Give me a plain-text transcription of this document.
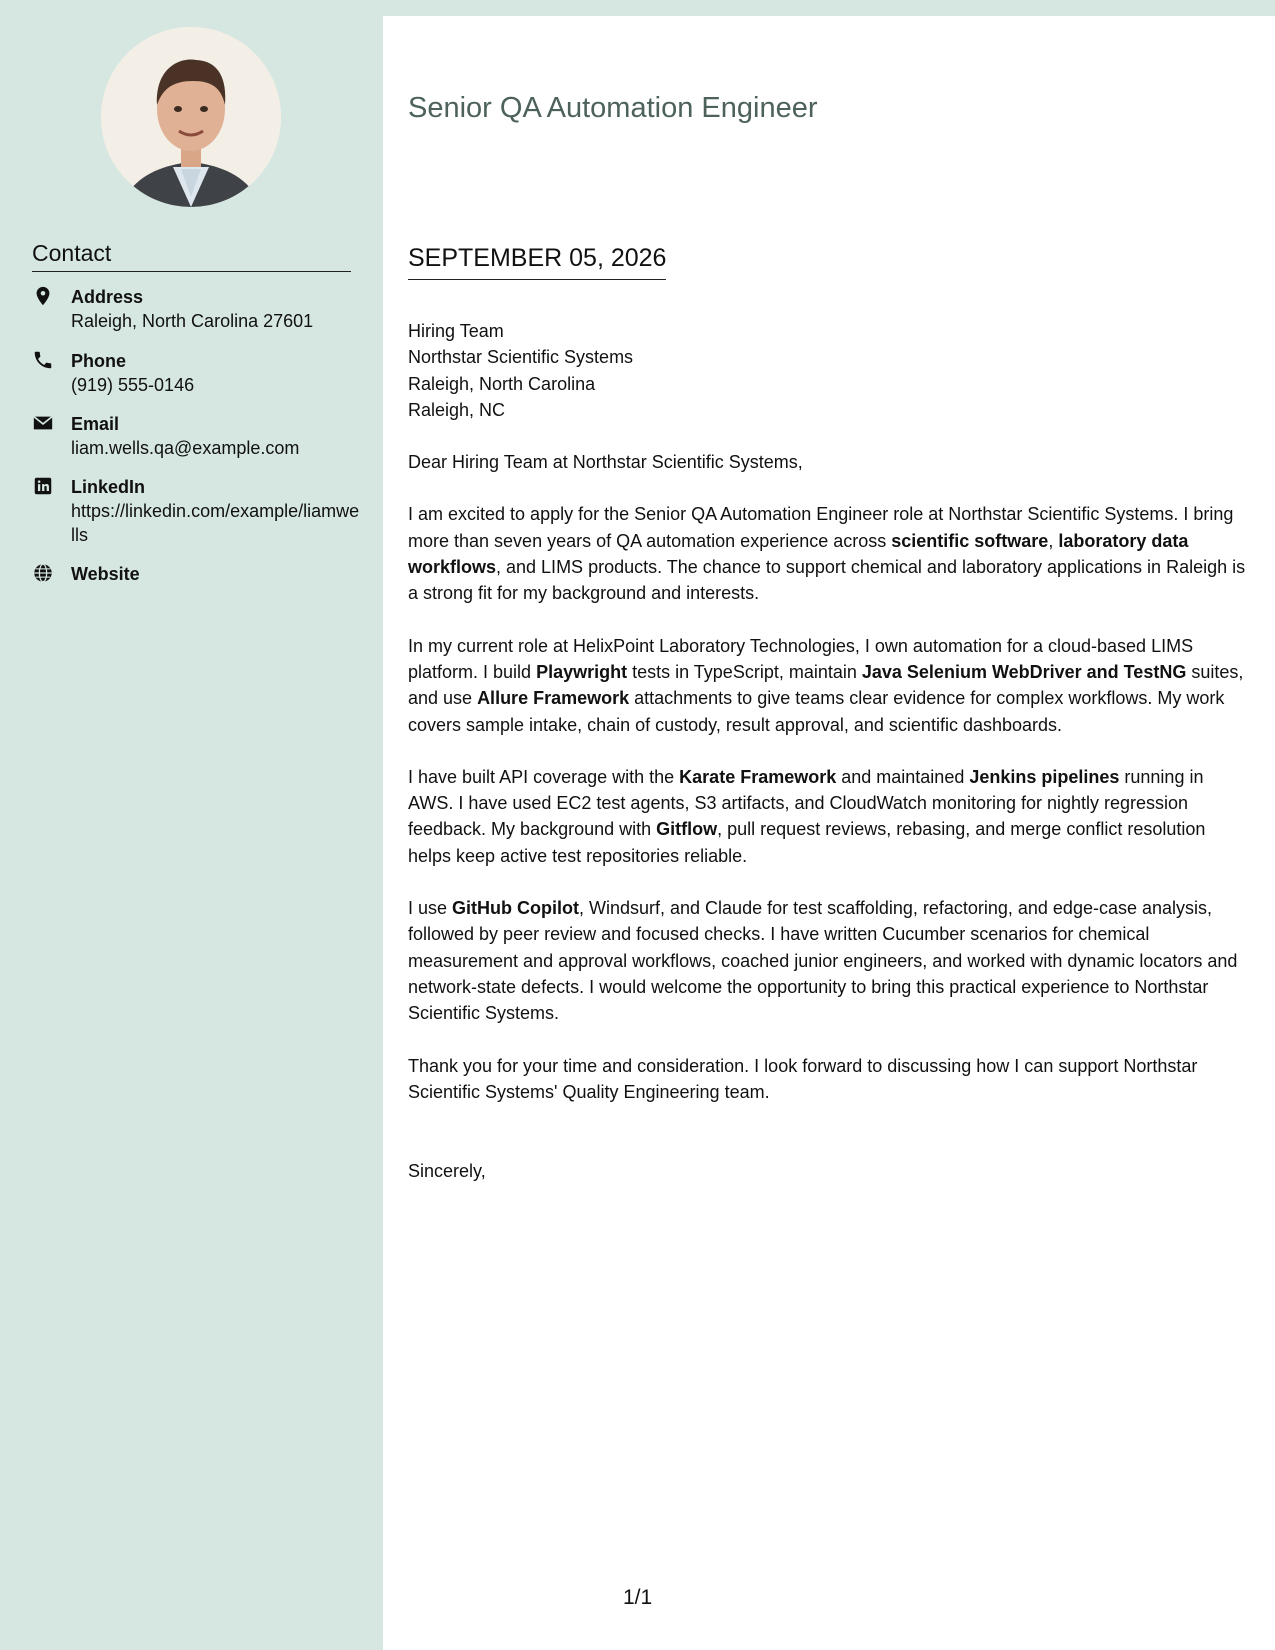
Contact
Address
Raleigh, North Carolina 27601
Phone
(919) 555-0146
Email
liam.wells.qa@example.com
LinkedIn
https://linkedin.com/example/liamwells
Website
Senior QA Automation Engineer
SEPTEMBER 05, 2026

Hiring Team
Northstar Scientific Systems
Raleigh, North Carolina
Raleigh, NC

Dear Hiring Team at Northstar Scientific Systems,

I am excited to apply for the Senior QA Automation Engineer role at Northstar Scientific Systems. I bring more than seven years of QA automation experience across scientific software, laboratory data workflows, and LIMS products. The chance to support chemical and laboratory applications in Raleigh is a strong fit for my background and interests.

In my current role at HelixPoint Laboratory Technologies, I own automation for a cloud-based LIMS platform. I build Playwright tests in TypeScript, maintain Java Selenium WebDriver and TestNG suites, and use Allure Framework attachments to give teams clear evidence for complex workflows. My work covers sample intake, chain of custody, result approval, and scientific dashboards.

I have built API coverage with the Karate Framework and maintained Jenkins pipelines running in AWS. I have used EC2 test agents, S3 artifacts, and CloudWatch monitoring for nightly regression feedback. My background with Gitflow, pull request reviews, rebasing, and merge conflict resolution helps keep active test repositories reliable.

I use GitHub Copilot, Windsurf, and Claude for test scaffolding, refactoring, and edge-case analysis, followed by peer review and focused checks. I have written Cucumber scenarios for chemical measurement and approval workflows, coached junior engineers, and worked with dynamic locators and network-state defects. I would welcome the opportunity to bring this practical experience to Northstar Scientific Systems.

Thank you for your time and consideration. I look forward to discussing how I can support Northstar Scientific Systems' Quality Engineering team.

Sincerely,

1/1
